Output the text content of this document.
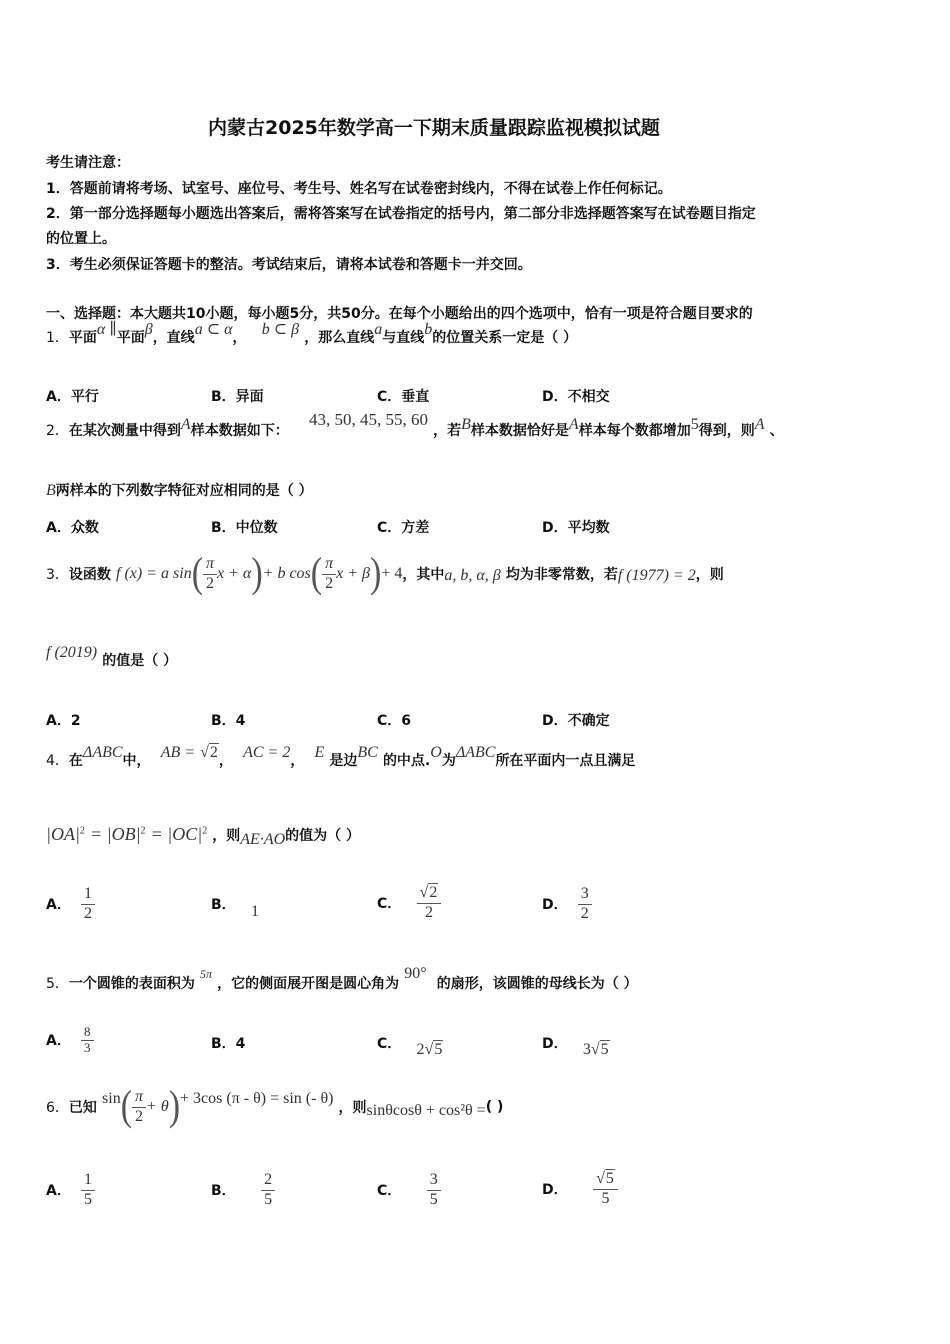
内蒙古2025年数学高一下期末质量跟踪监视模拟试题
考生请注意：
1．答题前请将考场、试室号、座位号、考生号、姓名写在试卷密封线内，不得在试卷上作任何标记。
2．第一部分选择题每小题选出答案后，需将答案写在试卷指定的括号内，第二部分非选择题答案写在试卷题目指定
的位置上。
3．考生必须保证答题卡的整洁。考试结束后，请将本试卷和答题卡一并交回。
一、选择题：本大题共10小题，每小题5分，共50分。在每个小题给出的四个选项中，恰有一项是符合题目要求的
1．平面α ∥平面β，直线a ⊂ α， b ⊂ β ，那么直线a与直线b的位置关系一定是（ ）
A．平行	B．异面	C．垂直	D．不相交
2．在某次测量中得到A样本数据如下：    43, 50, 45, 55, 60 ，若B样本数据恰好是A样本每个数都增加5得到，则A 、
B两样本的下列数字特征对应相同的是（ ）
A．众数	B．中位数	C．方差	D．平均数
3． 设函数
f (x) = a sin ( $\frac{\pi}{2}$ x + α ) + b cos ( $\frac{\pi}{2}$ x + β ) + 4 ，其中 a, b, α, β
均为非零常数，若 f (1977) = 2 ，则
f (2019) 的值是（ ）
A．2	B．4	C．6	D．不确定
4．在ΔABC中， AB = √2， AC = 2， E 是边BC 的中点.O为ΔABC所在平面内一点且满足
$|OA|^2 = |OB|^2 = |OC|^2$ ，则AE·AO的值为（ ）
A．
$\frac{1}{2}$	B．
1	C．
$\frac{√2}{2}$	D．
$\frac{3}{2}$
5．一个圆锥的表面积为 $^{5\pi}$ ，它的侧面展开图是圆心角为 90°  的扇形，该圆锥的母线长为（ ）
A．
$\frac{8}{3}$	B．4	C． 2√5	D． 3√5
6． 已知

sin ( $\frac{\pi}{2} + \theta$ ) + 3cos (π - θ) = sin (- θ)

，则 sinθcosθ + cos²θ = ( )
A．
$\frac{1}{5}$	B．
$\frac{2}{5}$	C．
$\frac{3}{5}$	D．
$\frac{√5}{5}$
